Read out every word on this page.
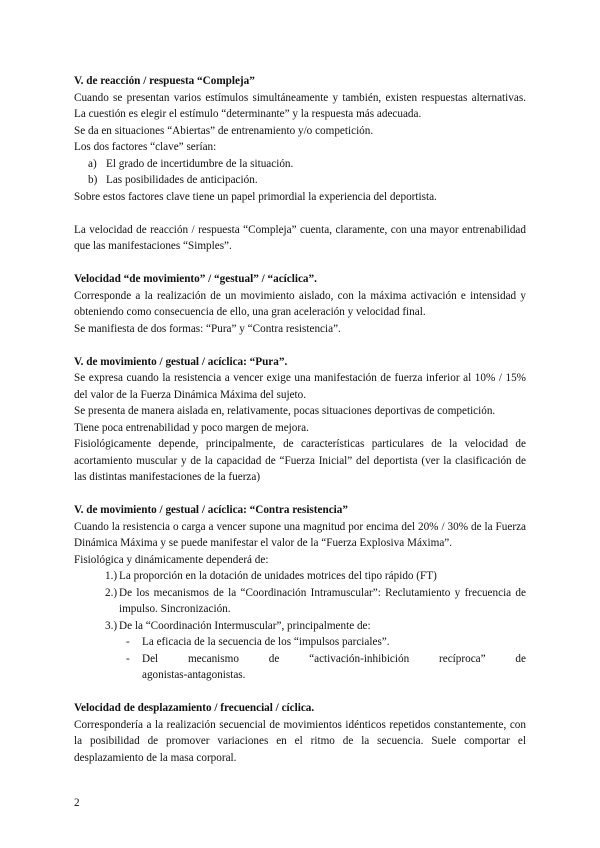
V. de reacción / respuesta “Compleja”

Cuando se presentan varios estímulos simultáneamente y también, existen respuestas alternativas. La cuestión es elegir el estímulo “determinante” y la respuesta más adecuada.

Se da en situaciones “Abiertas” de entrenamiento y/o competición.

Los dos factores “clave” serían:

a) El grado de incertidumbre de la situación.
b) Las posibilidades de anticipación.

Sobre estos factores clave tiene un papel primordial la experiencia del deportista.

La velocidad de reacción / respuesta “Compleja” cuenta, claramente, con una mayor entrenabilidad que las manifestaciones “Simples”.

Velocidad “de movimiento” / “gestual” / “acíclica”.

Corresponde a la realización de un movimiento aislado, con la máxima activación e intensidad y obteniendo como consecuencia de ello, una gran aceleración y velocidad final.

Se manifiesta de dos formas: “Pura” y “Contra resistencia”.

V. de movimiento / gestual / acíclica: “Pura”.

Se expresa cuando la resistencia a vencer exige una manifestación de fuerza inferior al 10% / 15% del valor de la Fuerza Dinámica Máxima del sujeto.

Se presenta de manera aislada en, relativamente, pocas situaciones deportivas de competición.

Tiene poca entrenabilidad y poco margen de mejora.

Fisiológicamente depende, principalmente, de características particulares de la velocidad de acortamiento muscular y de la capacidad de “Fuerza Inicial” del deportista (ver la clasificación de las distintas manifestaciones de la fuerza)

V. de movimiento / gestual / acíclica: “Contra resistencia”

Cuando la resistencia o carga a vencer supone una magnitud por encima del 20% / 30% de la Fuerza Dinámica Máxima y se puede manifestar el valor de la “Fuerza Explosiva Máxima”.

Fisiológica y dinámicamente dependerá de:

1.) La proporción en la dotación de unidades motrices del tipo rápido (FT)
2.) De los mecanismos de la “Coordinación Intramuscular”: Reclutamiento y frecuencia de impulso. Sincronización.
3.) De la “Coordinación Intermuscular”, principalmente de:
- La eficacia de la secuencia de los “impulsos parciales”.
- Del	mecanismo	de	“activación-inhibición	recíproca”	de
agonistas-antagonistas.

Velocidad de desplazamiento / frecuencial / cíclica.

Correspondería a la realización secuencial de movimientos idénticos repetidos constantemente, con la posibilidad de promover variaciones en el ritmo de la secuencia. Suele comportar el desplazamiento de la masa corporal.

2
